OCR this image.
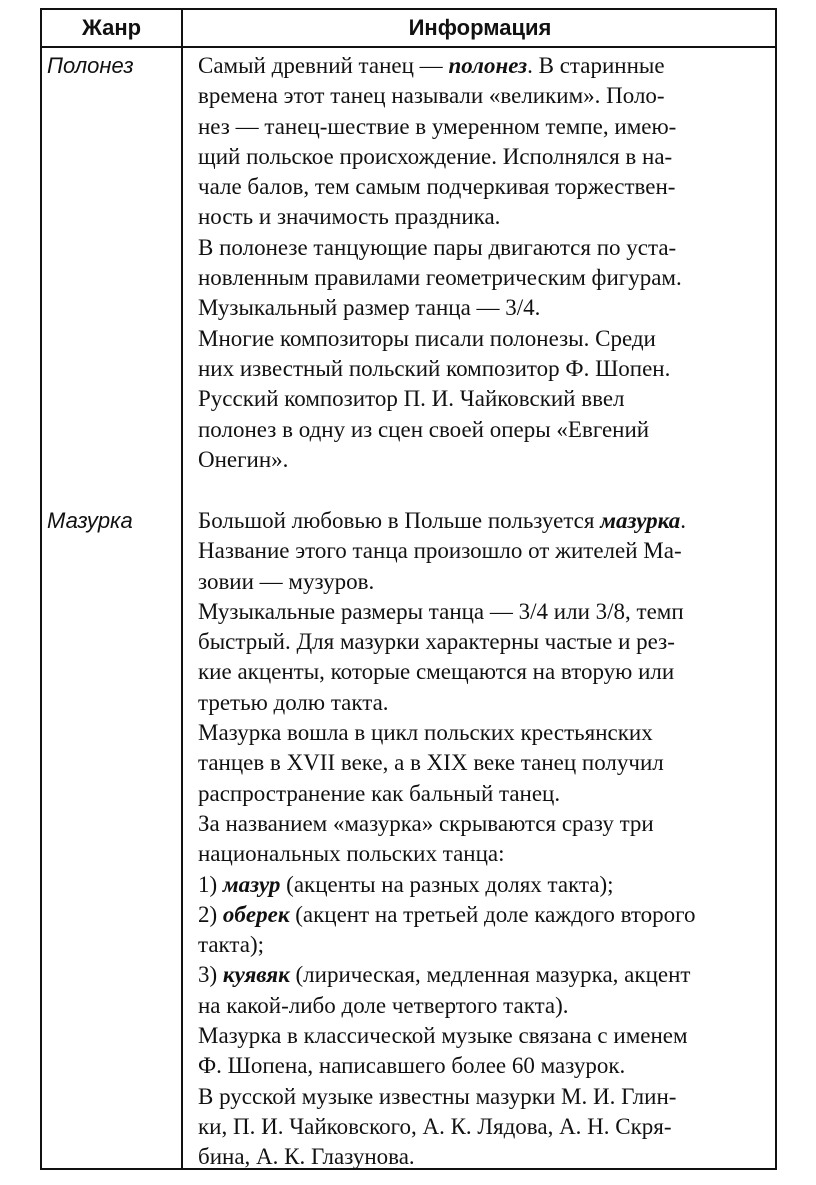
Жанр	Информация
Полонез	Самый древний танец — полонез. В старинные
времена этот танец называли «великим». Поло-
нез — танец-шествие в умеренном темпе, имею-
щий польское происхождение. Исполнялся в на-
чале балов, тем самым подчеркивая торжествен-
ность и значимость праздника.
В полонезе танцующие пары двигаются по уста-
новленным правилами геометрическим фигурам.
Музыкальный размер танца — 3/4.
Многие композиторы писали полонезы. Среди
них известный польский композитор Ф. Шопен.
Русский композитор П. И. Чайковский ввел
полонез в одну из сцен своей оперы «Евгений
Онегин».
Мазурка	Большой любовью в Польше пользуется мазурка.
Название этого танца произошло от жителей Ма-
зовии — музуров.
Музыкальные размеры танца — 3/4 или 3/8, темп
быстрый. Для мазурки характерны частые и рез-
кие акценты, которые смещаются на вторую или
третью долю такта.
Мазурка вошла в цикл польских крестьянских
танцев в XVII веке, а в XIX веке танец получил
распространение как бальный танец.
За названием «мазурка» скрываются сразу три
национальных польских танца:
1) мазур (акценты на разных долях такта);
2) оберек (акцент на третьей доле каждого второго
такта);
3) куявяк (лирическая, медленная мазурка, акцент
на какой-либо доле четвертого такта).
Мазурка в классической музыке связана с именем
Ф. Шопена, написавшего более 60 мазурок.
В русской музыке известны мазурки М. И. Глин-
ки, П. И. Чайковского, А. К. Лядова, А. Н. Скря-
бина, А. К. Глазунова.
